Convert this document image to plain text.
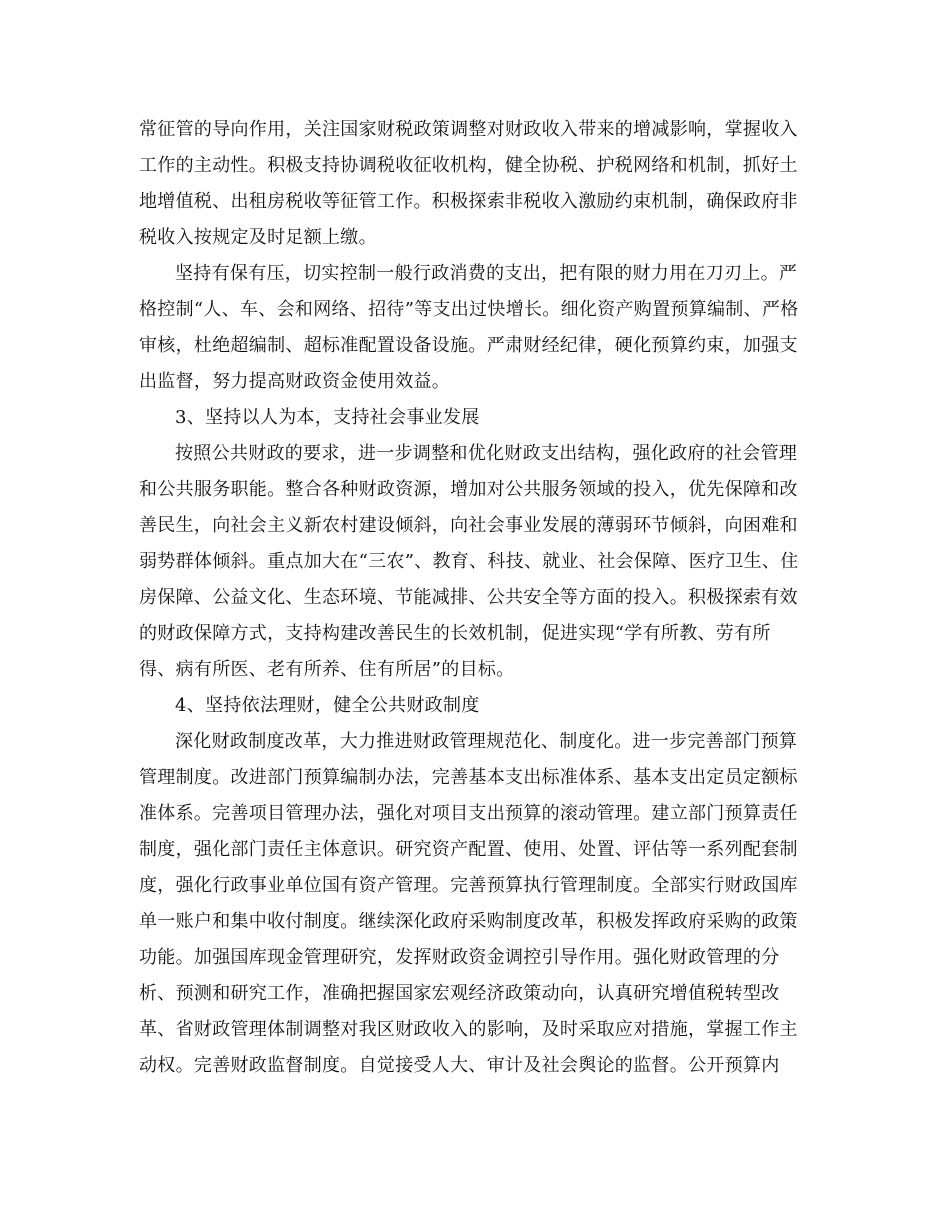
常征管的导向作用，关注国家财税政策调整对财政收入带来的增减影响，掌握收入
工作的主动性。积极支持协调税收征收机构，健全协税、护税网络和机制，抓好土
地增值税、出租房税收等征管工作。积极探索非税收入激励约束机制，确保政府非
税收入按规定及时足额上缴。

坚持有保有压，切实控制一般行政消费的支出，把有限的财力用在刀刃上。严
格控制“人、车、会和网络、招待”等支出过快增长。细化资产购置预算编制、严格
审核，杜绝超编制、超标准配置设备设施。严肃财经纪律，硬化预算约束，加强支
出监督，努力提高财政资金使用效益。

3、坚持以人为本，支持社会事业发展

按照公共财政的要求，进一步调整和优化财政支出结构，强化政府的社会管理
和公共服务职能。整合各种财政资源，增加对公共服务领域的投入，优先保障和改
善民生，向社会主义新农村建设倾斜，向社会事业发展的薄弱环节倾斜，向困难和
弱势群体倾斜。重点加大在“三农”、教育、科技、就业、社会保障、医疗卫生、住
房保障、公益文化、生态环境、节能减排、公共安全等方面的投入。积极探索有效
的财政保障方式，支持构建改善民生的长效机制，促进实现“学有所教、劳有所
得、病有所医、老有所养、住有所居”的目标。

4、坚持依法理财，健全公共财政制度

深化财政制度改革，大力推进财政管理规范化、制度化。进一步完善部门预算
管理制度。改进部门预算编制办法，完善基本支出标准体系、基本支出定员定额标
准体系。完善项目管理办法，强化对项目支出预算的滚动管理。建立部门预算责任
制度，强化部门责任主体意识。研究资产配置、使用、处置、评估等一系列配套制
度，强化行政事业单位国有资产管理。完善预算执行管理制度。全部实行财政国库
单一账户和集中收付制度。继续深化政府采购制度改革，积极发挥政府采购的政策
功能。加强国库现金管理研究，发挥财政资金调控引导作用。强化财政管理的分
析、预测和研究工作，准确把握国家宏观经济政策动向，认真研究增值税转型改
革、省财政管理体制调整对我区财政收入的影响，及时采取应对措施，掌握工作主
动权。完善财政监督制度。自觉接受人大、审计及社会舆论的监督。公开预算内
